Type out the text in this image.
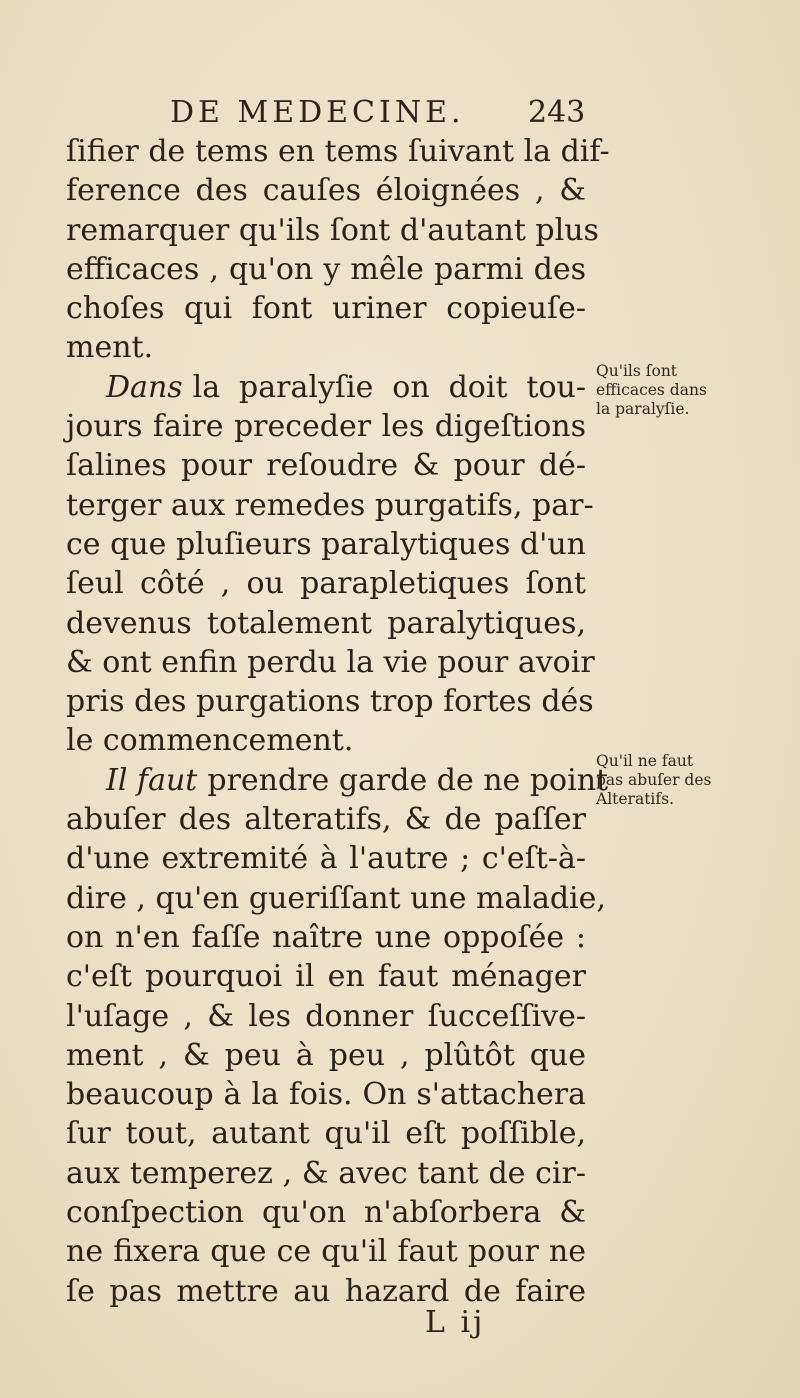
DE MEDECINE. 243
ſifier de tems en tems ſuivant la dif-
ference des cauſes éloignées , &
remarquer qu'ils ſont d'autant plus
efficaces , qu'on y mêle parmi des
choſes qui font uriner copieuſe-
ment.
Dans la paralyſie on doit tou-
jours faire preceder les digeſtions
ſalines pour reſoudre & pour dé-
terger aux remedes purgatifs, par-
ce que pluſieurs paralytiques d'un
ſeul côté , ou parapletiques ſont
devenus totalement paralytiques,
& ont enfin perdu la vie pour avoir
pris des purgations trop fortes dés
le commencement.
Il faut prendre garde de ne point
abuſer des alteratifs, & de paſſer
d'une extremité à l'autre ; c'eſt-à-
dire , qu'en gueriſſant une maladie,
on n'en faſſe naître une oppoſée :
c'eſt pourquoi il en faut ménager
l'uſage , & les donner ſucceſſive-
ment , & peu à peu , plûtôt que
beaucoup à la fois. On s'attachera
ſur tout, autant qu'il eſt poſſible,
aux temperez , & avec tant de cir-
conſpection qu'on n'abſorbera &
ne fixera que ce qu'il faut pour ne
ſe pas mettre au hazard de faire
Qu'ils ſont
efficaces dans
la paralyſie.
Qu'il ne faut
pas abuſer des
Alteratifs.
L ij
